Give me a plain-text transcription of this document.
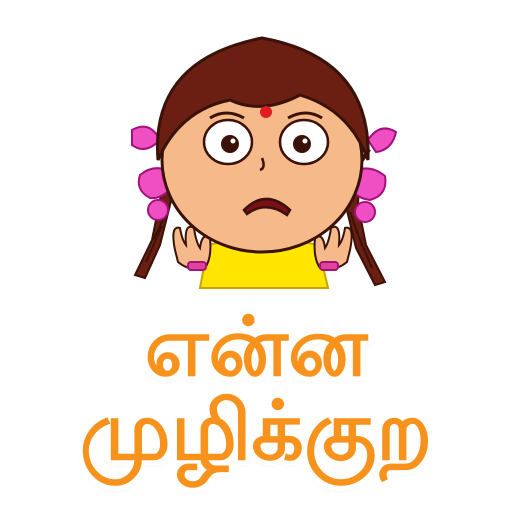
என்ன
முழிக்குற
